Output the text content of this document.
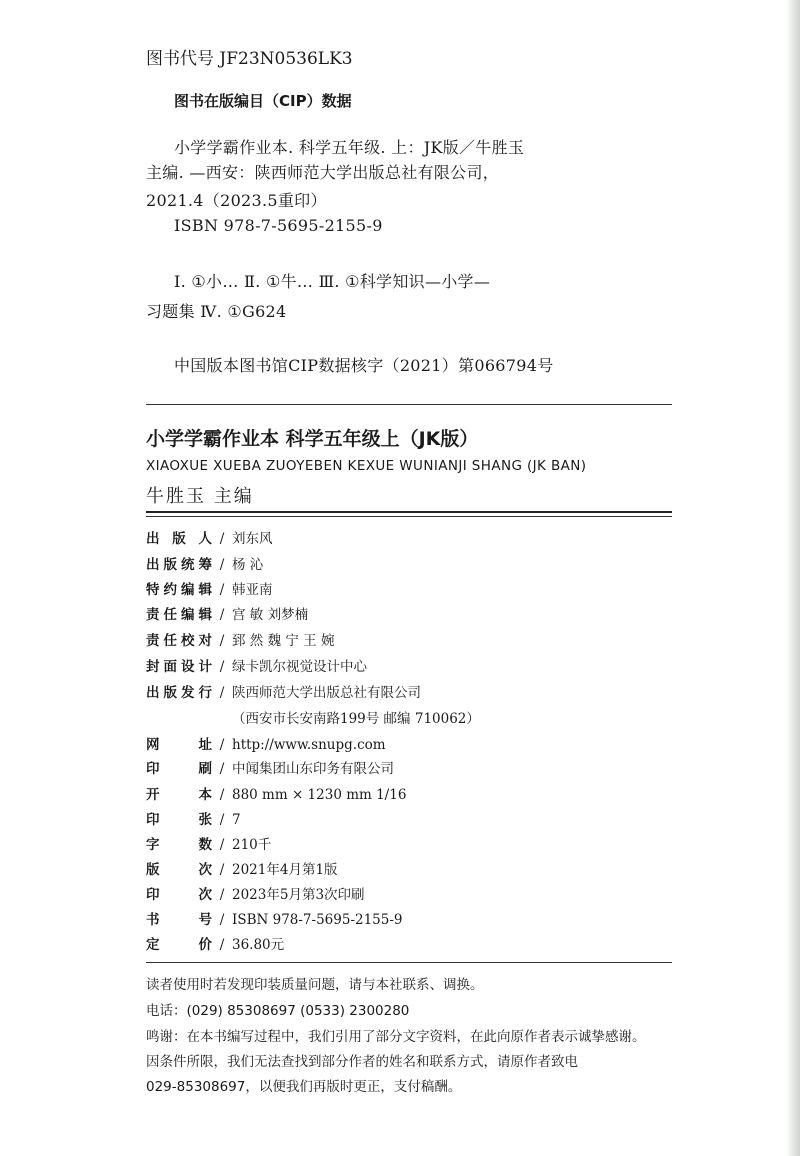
图书代号 JF23N0536LK3
图书在版编目（CIP）数据
小学学霸作业本. 科学五年级. 上：JK版／牛胜玉
主编. —西安：陕西师范大学出版总社有限公司，
2021.4（2023.5重印）
ISBN 978-7-5695-2155-9
Ⅰ. ①小… Ⅱ. ①牛… Ⅲ. ①科学知识—小学—
习题集 Ⅳ. ①G624
中国版本图书馆CIP数据核字（2021）第066794号
小学学霸作业本 科学五年级上（JK版）
XIAOXUE XUEBA ZUOYEBEN KEXUE WUNIANJI SHANG (JK BAN)
牛胜玉 主编
出版人 / 刘东风
出版统筹 / 杨 沁
特约编辑 / 韩亚南
责任编辑 / 宫 敏 刘梦楠
责任校对 / 郅 然 魏 宁 王 婉
封面设计 / 绿卡凯尔视觉设计中心
出版发行 / 陕西师范大学出版总社有限公司
（西安市长安南路199号 邮编 710062）
网址 / http://www.snupg.com
印刷 / 中闻集团山东印务有限公司
开本 / 880 mm × 1230 mm 1/16
印张 / 7
字数 / 210千
版次 / 2021年4月第1版
印次 / 2023年5月第3次印刷
书号 / ISBN 978-7-5695-2155-9
定价 / 36.80元
读者使用时若发现印装质量问题，请与本社联系、调换。
电话：(029) 85308697 (0533) 2300280
鸣谢：在本书编写过程中，我们引用了部分文字资料，在此向原作者表示诚挚感谢。
因条件所限，我们无法查找到部分作者的姓名和联系方式，请原作者致电
029-85308697，以便我们再版时更正，支付稿酬。
